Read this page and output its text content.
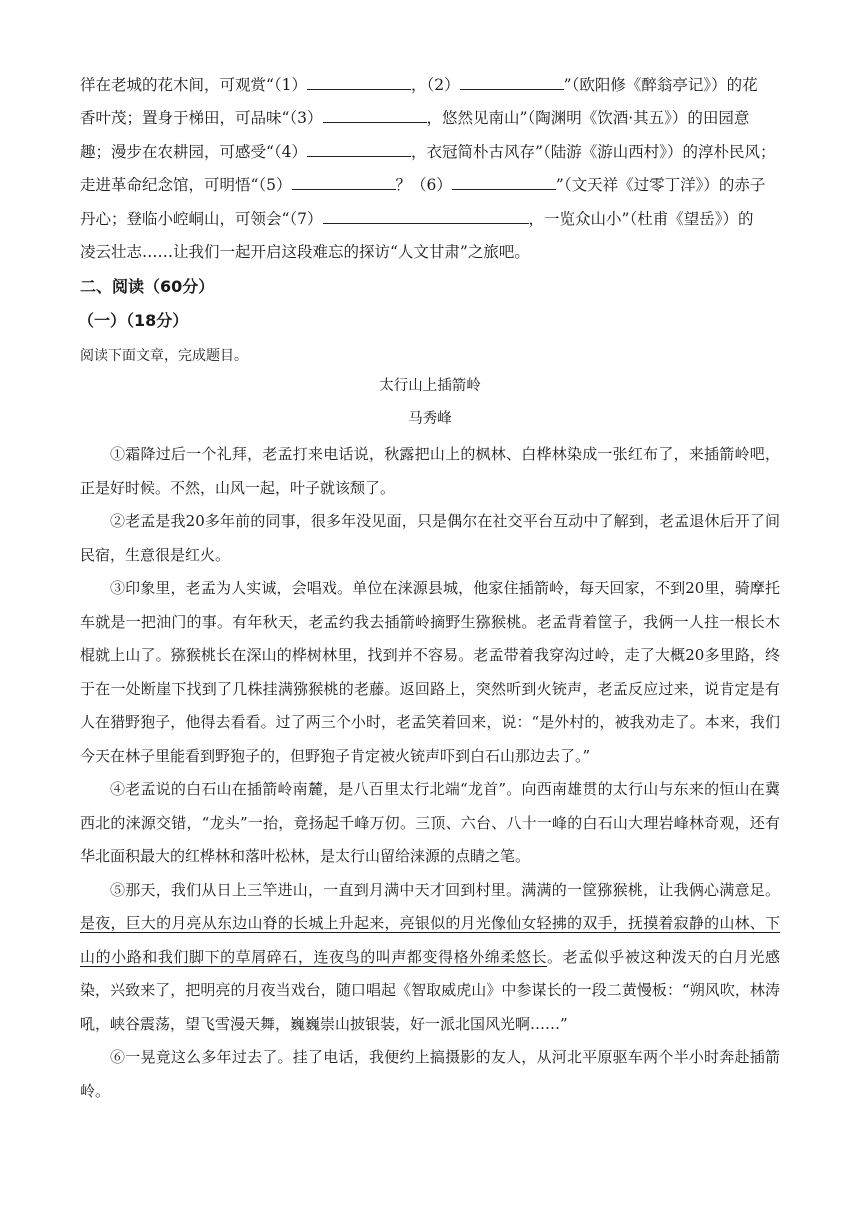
徉在老城的花木间，可观赏“（1）	，（2）	”（欧阳修《醉翁亭记》）的花
香叶茂；置身于梯田，可品味“（3）	，悠然见南山”（陶渊明《饮酒·其五》）的田园意
趣；漫步在农耕园，可感受“（4）	，衣冠简朴古风存”（陆游《游山西村》）的淳朴民风；
走进革命纪念馆，可明悟“（5）	？（6）	”（文天祥《过零丁洋》）的赤子
丹心；登临小崆峒山，可领会“（7）	，一览众山小”（杜甫《望岳》）的
凌云壮志……让我们一起开启这段难忘的探访“人文甘肃”之旅吧。
二、阅读（60分）
（一）（18分）
阅读下面文章，完成题目。
太行山上插箭岭
马秀峰

①霜降过后一个礼拜，老孟打来电话说，秋露把山上的枫林、白桦林染成一张红布了，来插箭岭吧，正是好时候。不然，山风一起，叶子就该颓了。

②老孟是我20多年前的同事，很多年没见面，只是偶尔在社交平台互动中了解到，老孟退休后开了间民宿，生意很是红火。

③印象里，老孟为人实诚，会唱戏。单位在涞源县城，他家住插箭岭，每天回家，不到20里，骑摩托车就是一把油门的事。有年秋天，老孟约我去插箭岭摘野生猕猴桃。老孟背着筐子，我俩一人拄一根长木棍就上山了。猕猴桃长在深山的桦树林里，找到并不容易。老孟带着我穿沟过岭，走了大概20多里路，终于在一处断崖下找到了几株挂满猕猴桃的老藤。返回路上，突然听到火铳声，老孟反应过来，说肯定是有人在猎野狍子，他得去看看。过了两三个小时，老孟笑着回来，说：“是外村的，被我劝走了。本来，我们今天在林子里能看到野狍子的，但野狍子肯定被火铳声吓到白石山那边去了。”

④老孟说的白石山在插箭岭南麓，是八百里太行北端“龙首”。向西南雄贯的太行山与东来的恒山在冀西北的涞源交错，“龙头”一抬，竟扬起千峰万仞。三顶、六台、八十一峰的白石山大理岩峰林奇观，还有华北面积最大的红桦林和落叶松林，是太行山留给涞源的点睛之笔。

⑤那天，我们从日上三竿进山，一直到月满中天才回到村里。满满的一筐猕猴桃，让我俩心满意足。是夜，巨大的月亮从东边山脊的长城上升起来，亮银似的月光像仙女轻拂的双手，抚摸着寂静的山林、下山的小路和我们脚下的草屑碎石，连夜鸟的叫声都变得格外绵柔悠长。老孟似乎被这种泼天的白月光感染，兴致来了，把明亮的月夜当戏台，随口唱起《智取威虎山》中参谋长的一段二黄慢板：“朔风吹，林涛吼，峡谷震荡，望飞雪漫天舞，巍巍崇山披银装，好一派北国风光啊……”

⑥一晃竟这么多年过去了。挂了电话，我便约上搞摄影的友人，从河北平原驱车两个半小时奔赴插箭岭。
